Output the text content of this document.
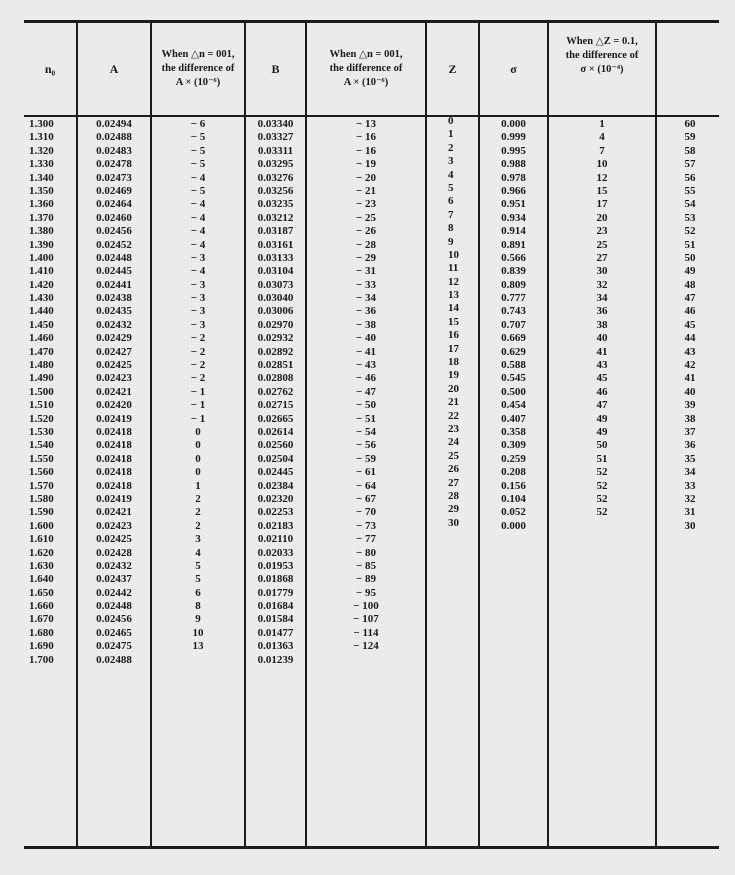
n₀	A
When △n = 001,
the difference of
A × (10⁻⁶)
B
When △n = 001,
the difference of
A × (10⁻⁶)
Z	σ
When △Z = 0.1,
the difference of
σ × (10⁻⁴)
1.300
1.310
1.320
1.330
1.340
1.350
1.360
1.370
1.380
1.390
1.400
1.410
1.420
1.430
1.440
1.450
1.460
1.470
1.480
1.490
1.500
1.510
1.520
1.530
1.540
1.550
1.560
1.570
1.580
1.590
1.600
1.610
1.620
1.630
1.640
1.650
1.660
1.670
1.680
1.690
1.700
0.02494
0.02488
0.02483
0.02478
0.02473
0.02469
0.02464
0.02460
0.02456
0.02452
0.02448
0.02445
0.02441
0.02438
0.02435
0.02432
0.02429
0.02427
0.02425
0.02423
0.02421
0.02420
0.02419
0.02418
0.02418
0.02418
0.02418
0.02418
0.02419
0.02421
0.02423
0.02425
0.02428
0.02432
0.02437
0.02442
0.02448
0.02456
0.02465
0.02475
0.02488
− 6
− 5
− 5
− 5
− 4
− 5
− 4
− 4
− 4
− 4
− 3
− 4
− 3
− 3
− 3
− 3
− 2
− 2
− 2
− 2
− 1
− 1
− 1
0
0
0
0
1
2
2
2
3
4
5
5
6
8
9
10
13
0.03340
0.03327
0.03311
0.03295
0.03276
0.03256
0.03235
0.03212
0.03187
0.03161
0.03133
0.03104
0.03073
0.03040
0.03006
0.02970
0.02932
0.02892
0.02851
0.02808
0.02762
0.02715
0.02665
0.02614
0.02560
0.02504
0.02445
0.02384
0.02320
0.02253
0.02183
0.02110
0.02033
0.01953
0.01868
0.01779
0.01684
0.01584
0.01477
0.01363
0.01239
− 13
− 16
− 16
− 19
− 20
− 21
− 23
− 25
− 26
− 28
− 29
− 31
− 33
− 34
− 36
− 38
− 40
− 41
− 43
− 46
− 47
− 50
− 51
− 54
− 56
− 59
− 61
− 64
− 67
− 70
− 73
− 77
− 80
− 85
− 89
− 95
− 100
− 107
− 114
− 124
0
1
2
3
4
5
6
7
8
9
10
11
12
13
14
15
16
17
18
19
20
21
22
23
24
25
26
27
28
29
30
0.000
0.999
0.995
0.988
0.978
0.966
0.951
0.934
0.914
0.891
0.566
0.839
0.809
0.777
0.743
0.707
0.669
0.629
0.588
0.545
0.500
0.454
0.407
0.358
0.309
0.259
0.208
0.156
0.104
0.052
0.000
1
4
7
10
12
15
17
20
23
25
27
30
32
34
36
38
40
41
43
45
46
47
49
49
50
51
52
52
52
52
60
59
58
57
56
55
54
53
52
51
50
49
48
47
46
45
44
43
42
41
40
39
38
37
36
35
34
33
32
31
30
